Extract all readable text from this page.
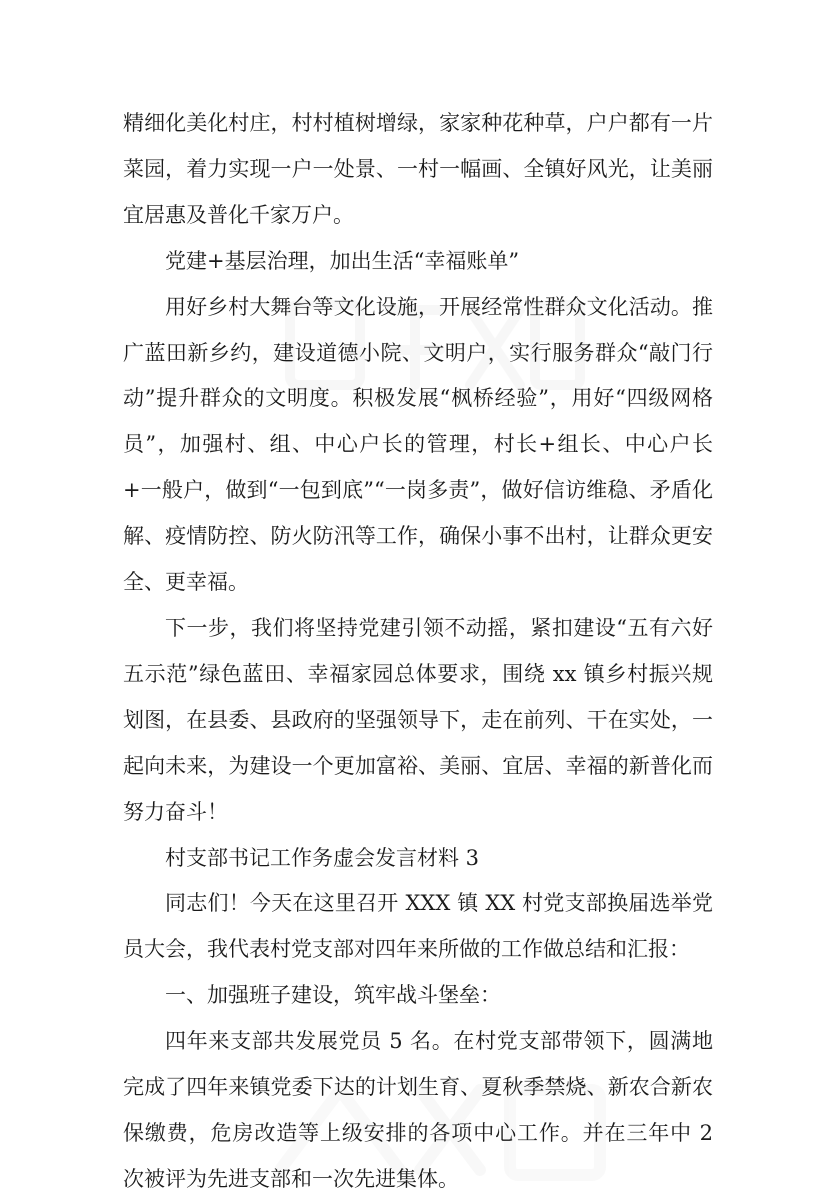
精细化美化村庄，村村植树增绿，家家种花种草，户户都有一片菜园，着力实现一户一处景、一村一幅画、全镇好风光，让美丽宜居惠及普化千家万户。

党建+基层治理，加出生活“幸福账单”

用好乡村大舞台等文化设施，开展经常性群众文化活动。推广蓝田新乡约，建设道德小院、文明户，实行服务群众“敲门行动”提升群众的文明度。积极发展“枫桥经验”，用好“四级网格员”，加强村、组、中心户长的管理，村长+组长、中心户长+一般户，做到“一包到底”“一岗多责”，做好信访维稳、矛盾化解、疫情防控、防火防汛等工作，确保小事不出村，让群众更安全、更幸福。

下一步，我们将坚持党建引领不动摇，紧扣建设“五有六好五示范”绿色蓝田、幸福家园总体要求，围绕 xx 镇乡村振兴规划图，在县委、县政府的坚强领导下，走在前列、干在实处，一起向未来，为建设一个更加富裕、美丽、宜居、幸福的新普化而努力奋斗！

村支部书记工作务虚会发言材料 3

同志们！今天在这里召开 XXX 镇 XX 村党支部换届选举党员大会，我代表村党支部对四年来所做的工作做总结和汇报：

一、加强班子建设，筑牢战斗堡垒：

四年来支部共发展党员 5 名。在村党支部带领下，圆满地完成了四年来镇党委下达的计划生育、夏秋季禁烧、新农合新农保缴费，危房改造等上级安排的各项中心工作。并在三年中 2 次被评为先进支部和一次先进集体。
